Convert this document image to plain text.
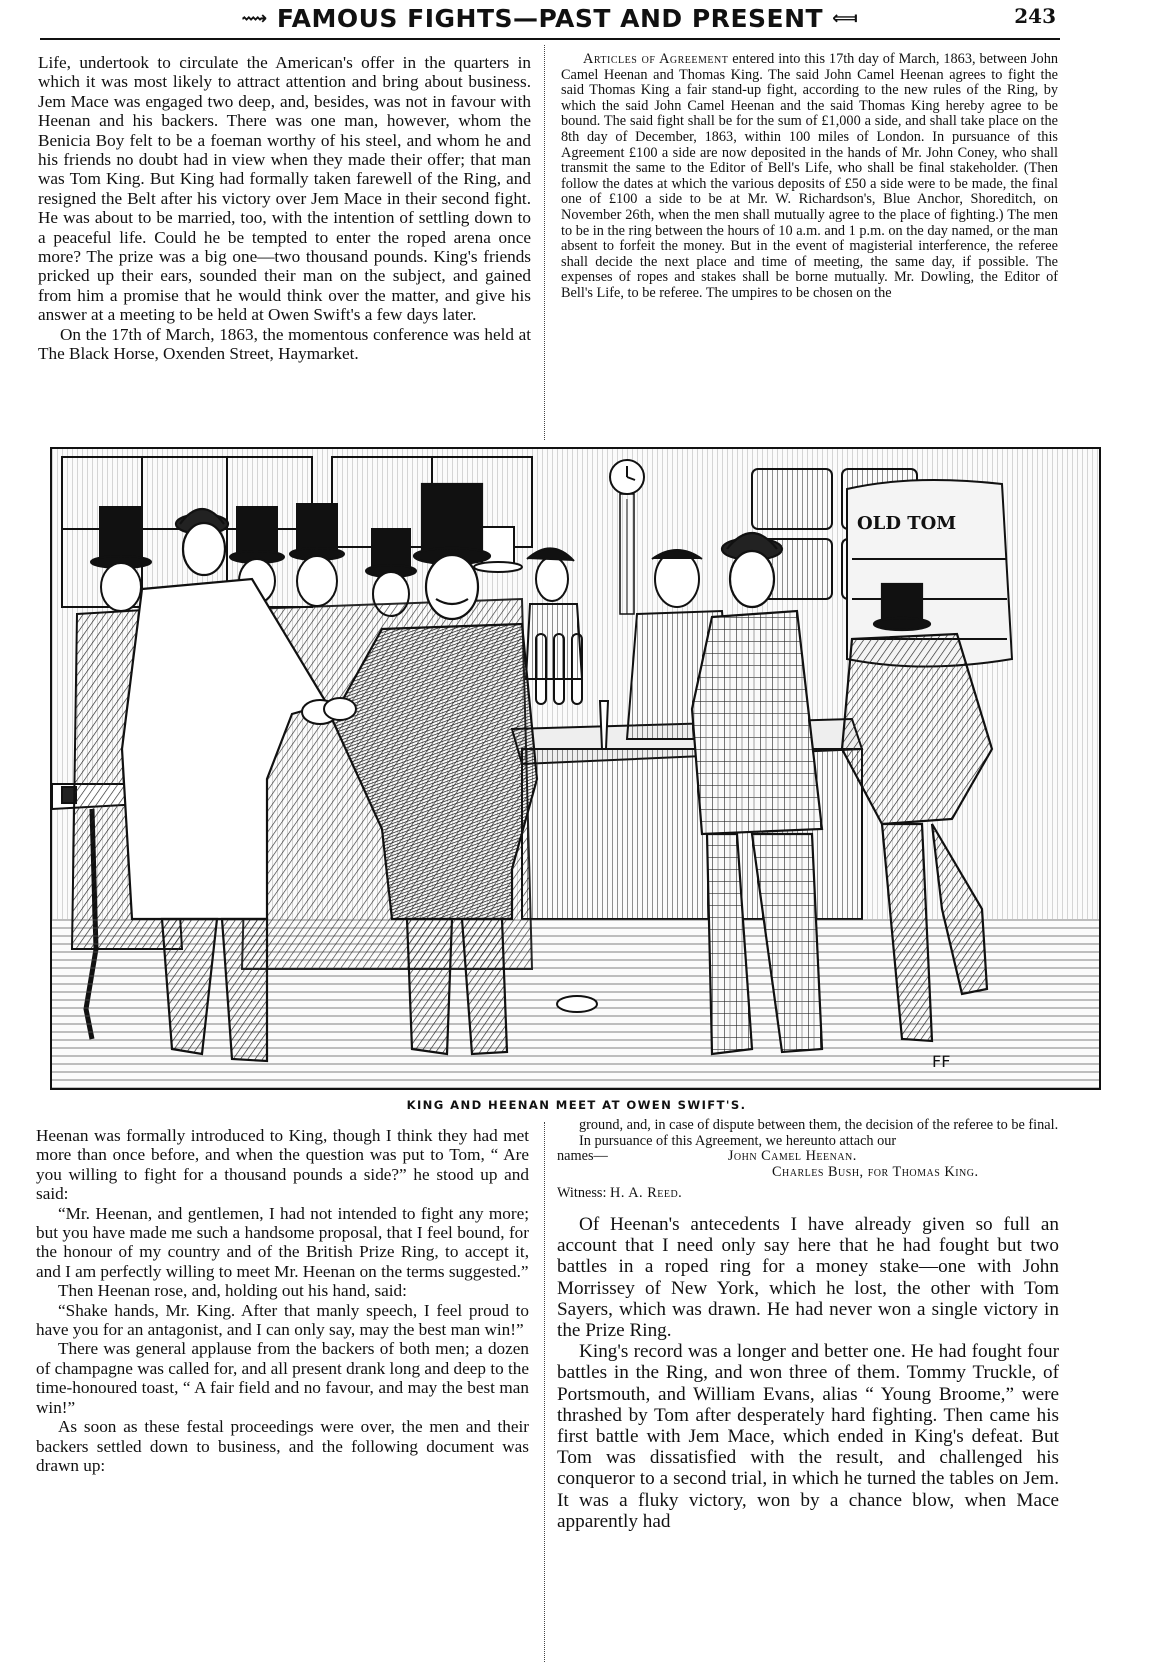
⟿ FAMOUS FIGHTS—PAST AND PRESENT ⟽	243

Life, undertook to circulate the American's offer in the quarters in which it was most likely to attract attention and bring about business. Jem Mace was engaged two deep, and, besides, was not in favour with Heenan and his backers. There was one man, however, whom the Benicia Boy felt to be a foeman worthy of his steel, and whom he and his friends no doubt had in view when they made their offer; that man was Tom King. But King had formally taken farewell of the Ring, and resigned the Belt after his victory over Jem Mace in their second fight. He was about to be married, too, with the intention of settling down to a peaceful life. Could he be tempted to enter the roped arena once more? The prize was a big one—two thousand pounds. King's friends pricked up their ears, sounded their man on the subject, and gained from him a promise that he would think over the matter, and give his answer at a meeting to be held at Owen Swift's a few days later.

On the 17th of March, 1863, the momentous conference was held at The Black Horse, Oxenden Street, Haymarket.

Articles of Agreement entered into this 17th day of March, 1863, between John Camel Heenan and Thomas King. The said John Camel Heenan agrees to fight the said Thomas King a fair stand-up fight, according to the new rules of the Ring, by which the said John Camel Heenan and the said Thomas King hereby agree to be bound. The said fight shall be for the sum of £1,000 a side, and shall take place on the 8th day of December, 1863, within 100 miles of London. In pursuance of this Agreement £100 a side are now deposited in the hands of Mr. John Coney, who shall transmit the same to the Editor of Bell's Life, who shall be final stakeholder. (Then follow the dates at which the various deposits of £50 a side were to be made, the final one of £100 a side to be at Mr. W. Richardson's, Blue Anchor, Shoreditch, on November 26th, when the men shall mutually agree to the place of fighting.) The men to be in the ring between the hours of 10 a.m. and 1 p.m. on the day named, or the man absent to forfeit the money. But in the event of magisterial interference, the referee shall decide the next place and time of meeting, the same day, if possible. The expenses of ropes and stakes shall be borne mutually. Mr. Dowling, the Editor of Bell's Life, to be referee. The umpires to be chosen on the

OLD TOM
FF
KING AND HEENAN MEET AT OWEN SWIFT'S.

Heenan was formally introduced to King, though I think they had met more than once before, and when the question was put to Tom, “ Are you willing to fight for a thousand pounds a side?” he stood up and said:

“Mr. Heenan, and gentlemen, I had not intended to fight any more; but you have made me such a handsome proposal, that I feel bound, for the honour of my country and of the British Prize Ring, to accept it, and I am perfectly willing to meet Mr. Heenan on the terms suggested.”

Then Heenan rose, and, holding out his hand, said:

“Shake hands, Mr. King. After that manly speech, I feel proud to have you for an antagonist, and I can only say, may the best man win!”

There was general applause from the backers of both men; a dozen of champagne was called for, and all present drank long and deep to the time-honoured toast, “ A fair field and no favour, and may the best man win!”

As soon as these festal proceedings were over, the men and their backers settled down to business, and the following document was drawn up:

ground, and, in case of dispute between them, the decision of the referee to be final.

In pursuance of this Agreement, we hereunto attach our

names—	John Camel Heenan.
Charles Bush, for Thomas King.
Witness: H. A. Reed.

Of Heenan's antecedents I have already given so full an account that I need only say here that he had fought but two battles in a roped ring for a money stake—one with John Morrissey of New York, which he lost, the other with Tom Sayers, which was drawn. He had never won a single victory in the Prize Ring.

King's record was a longer and better one. He had fought four battles in the Ring, and won three of them. Tommy Truckle, of Portsmouth, and William Evans, alias “ Young Broome,” were thrashed by Tom after desperately hard fighting. Then came his first battle with Jem Mace, which ended in King's defeat. But Tom was dissatisfied with the result, and challenged his conqueror to a second trial, in which he turned the tables on Jem. It was a fluky victory, won by a chance blow, when Mace apparently had
